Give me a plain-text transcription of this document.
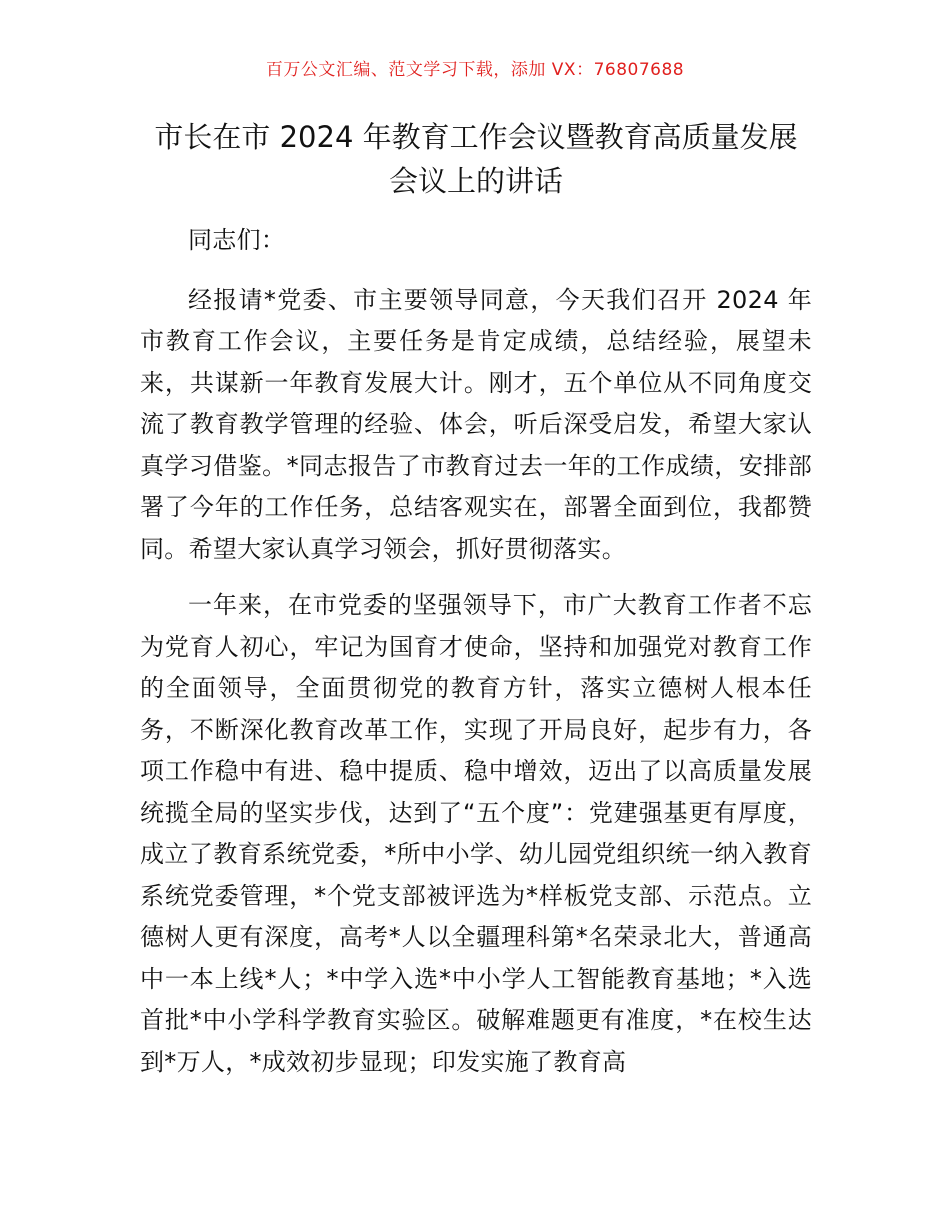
百万公文汇编、范文学习下载，添加 VX：76807688
市长在市 2024 年教育工作会议暨教育高质量发展会议上的讲话

同志们：

经报请*党委、市主要领导同意，今天我们召开 2024 年市教育工作会议，主要任务是肯定成绩，总结经验，展望未来，共谋新一年教育发展大计。刚才，五个单位从不同角度交流了教育教学管理的经验、体会，听后深受启发，希望大家认真学习借鉴。*同志报告了市教育过去一年的工作成绩，安排部署了今年的工作任务，总结客观实在，部署全面到位，我都赞同。希望大家认真学习领会，抓好贯彻落实。

一年来，在市党委的坚强领导下，市广大教育工作者不忘为党育人初心，牢记为国育才使命，坚持和加强党对教育工作的全面领导，全面贯彻党的教育方针，落实立德树人根本任务，不断深化教育改革工作，实现了开局良好，起步有力，各项工作稳中有进、稳中提质、稳中增效，迈出了以高质量发展统揽全局的坚实步伐，达到了“五个度”：党建强基更有厚度，成立了教育系统党委，*所中小学、幼儿园党组织统一纳入教育系统党委管理，*个党支部被评选为*样板党支部、示范点。立德树人更有深度，高考*人以全疆理科第*名荣录北大，普通高中一本上线*人；*中学入选*中小学人工智能教育基地；*入选首批*中小学科学教育实验区。破解难题更有准度，*在校生达到*万人，*成效初步显现；印发实施了教育高
